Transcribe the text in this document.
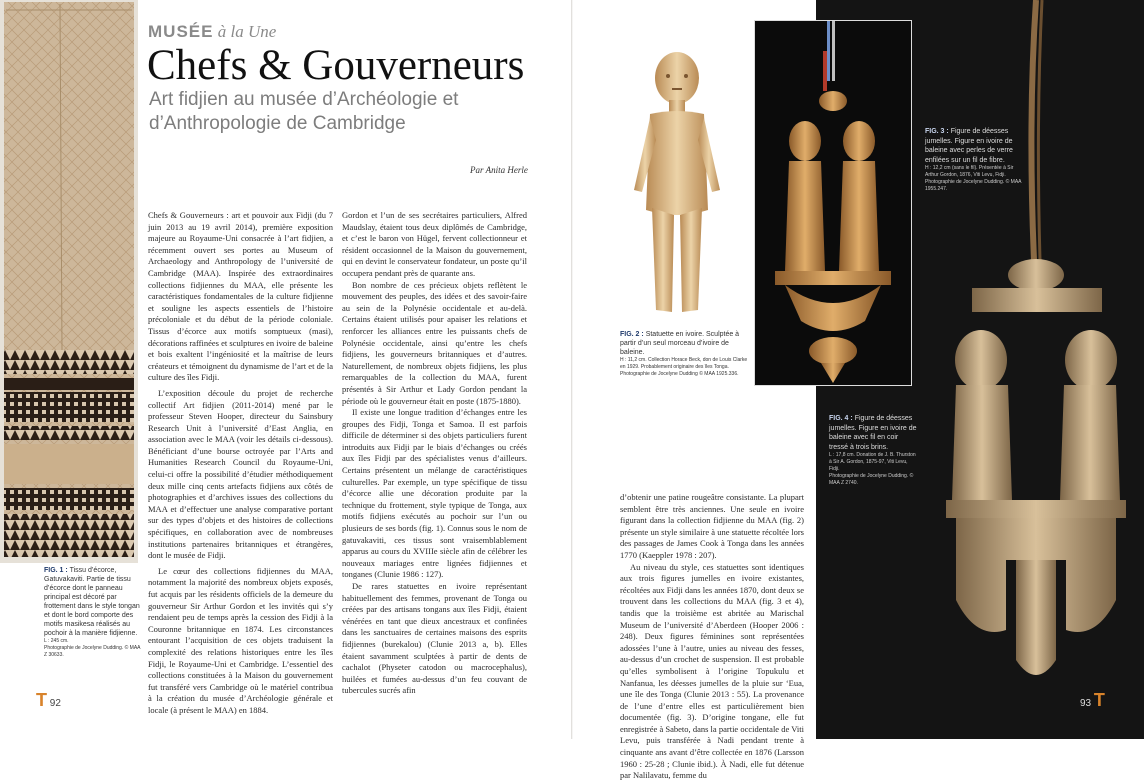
FIG. 1 : Tissu d’écorce, Gatuvakaviti. Partie de tissu d’écorce dont le panneau principal est décoré par frottement dans le style tongan et dont le bord comporte des motifs masikesa réalisés au pochoir à la manière fidjienne.
L : 245 cm.
Photographie de Jocelyne Dudding. © MAA Z 30633.
MUSÉE à la Une
Chefs & Gouverneurs
Art fidjien au musée d’Archéologie et d’Anthropologie de Cambridge
Par Anita Herle

Chefs & Gouverneurs : art et pouvoir aux Fidji (du 7 juin 2013 au 19 avril 2014), première exposition majeure au Royaume-Uni consacrée à l’art fidjien, a récemment ouvert ses portes au Museum of Archaeology and Anthropology de l’université de Cambridge (MAA). Inspirée des extraordinaires collections fidjiennes du MAA, elle présente les caractéristiques fondamentales de la culture fidjienne et souligne les aspects essentiels de l’histoire précoloniale et du début de la période coloniale. Tissus d’écorce aux motifs somptueux (masi), décorations raffinées et sculptures en ivoire de baleine et bois exaltent l’ingéniosité et la maîtrise de leurs créateurs et témoignent du dynamisme de l’art et de la culture des îles Fidji.

L’exposition découle du projet de recherche collectif Art fidjien (2011-2014) mené par le professeur Steven Hooper, directeur du Sainsbury Research Unit à l’université d’East Anglia, en association avec le MAA (voir les détails ci-dessous). Bénéficiant d’une bourse octroyée par l’Arts and Humanities Research Council du Royaume-Uni, celui-ci offre la possibilité d’étudier méthodiquement deux mille cinq cents artefacts fidjiens aux côtés de photographies et d’archives issues des collections du MAA et d’effectuer une analyse comparative portant sur des types d’objets et des histoires de collections spécifiques, en collaboration avec de nombreuses institutions partenaires britanniques et étrangères, dont le musée de Fidji.

Le cœur des collections fidjiennes du MAA, notamment la majorité des nombreux objets exposés, fut acquis par les résidents officiels de la demeure du gouverneur Sir Arthur Gordon et les invités qui s’y rendaient peu de temps après la cession des Fidji à la Couronne britannique en 1874. Les circonstances entourant l’acquisition de ces objets traduisent la complexité des relations historiques entre les îles Fidji, le Royaume-Uni et Cambridge. L’essentiel des collections constituées à la Maison du gouvernement fut transféré vers Cambridge où le matériel contribua à la création du musée d’Archéologie générale et locale (à présent le MAA) en 1884.

Gordon et l’un de ses secrétaires particuliers, Alfred Maudslay, étaient tous deux diplômés de Cambridge, et c’est le baron von Hügel, fervent collectionneur et résident occasionnel de la Maison du gouvernement, qui en devint le conservateur fondateur, un poste qu’il occupera pendant près de quarante ans.

Bon nombre de ces précieux objets reflètent le mouvement des peuples, des idées et des savoir-faire au sein de la Polynésie occidentale et au-delà. Certains étaient utilisés pour apaiser les relations et renforcer les alliances entre les puissants chefs de Polynésie occidentale, ainsi qu’entre les chefs fidjiens, les gouverneurs britanniques et d’autres. Naturellement, de nombreux objets fidjiens, les plus remarquables de la collection du MAA, furent présentés à Sir Arthur et Lady Gordon pendant la période où le gouverneur était en poste (1875-1880).

Il existe une longue tradition d’échanges entre les groupes des Fidji, Tonga et Samoa. Il est parfois difficile de déterminer si des objets particuliers furent introduits aux Fidji par le biais d’échanges ou créés aux îles Fidji par des spécialistes venus d’ailleurs. Certains présentent un mélange de caractéristiques culturelles. Par exemple, un type spécifique de tissu d’écorce allie une décoration produite par la technique du frottement, style typique de Tonga, aux motifs fidjiens exécutés au pochoir sur l’un ou plusieurs de ses bords (fig. 1). Connus sous le nom de gatuvakaviti, ces tissus sont vraisemblablement apparus au cours du XVIIIe siècle afin de célébrer les nouveaux mariages entre lignées fidjiennes et tonganes (Clunie 1986 : 127).

De rares statuettes en ivoire représentant habituellement des femmes, provenant de Tonga ou créées par des artisans tongans aux îles Fidji, étaient vénérées en tant que dieux ancestraux et confinées dans les sanctuaires de certaines maisons des esprits fidjiennes (burekalou) (Clunie 2013 a, b). Elles étaient savamment sculptées à partir de dents de cachalot (Physeter catodon ou macrocephalus), huilées et fumées au-dessus d’un feu couvant de tubercules sucrés afin

T 92
FIG. 2 : Statuette en ivoire. Sculptée à partir d’un seul morceau d’ivoire de baleine.
H : 11,2 cm. Collection Horace Beck, don de Louis Clarke en 1929. Probablement originaire des îles Tonga.
Photographie de Jocelyne Dudding © MAA 1925.336.
FIG. 3 : Figure de déesses jumelles. Figure en ivoire de baleine avec perles de verre enfilées sur un fil de fibre.
H : 12,2 cm (sans le fil). Présentée à Sir Arthur Gordon, 1876, Viti Levu, Fidji.
Photographie de Jocelyne Dudding. © MAA 1955.247.
FIG. 4 : Figure de déesses jumelles. Figure en ivoire de baleine avec fil en coir tressé à trois brins.
L : 17,8 cm. Donation de J. B. Thurston à Sir A. Gordon, 1875-97, Viti Levu, Fidji.
Photographie de Jocelyne Dudding. © MAA Z 2740.

d’obtenir une patine rougeâtre consistante. La plupart semblent être très anciennes. Une seule en ivoire figurant dans la collection fidjienne du MAA (fig. 2) présente un style similaire à une statuette récoltée lors des passages de James Cook à Tonga dans les années 1770 (Kaeppler 1978 : 207).

Au niveau du style, ces statuettes sont identiques aux trois figures jumelles en ivoire existantes, récoltées aux Fidji dans les années 1870, dont deux se trouvent dans les collections du MAA (fig. 3 et 4), tandis que la troisième est abritée au Marischal Museum de l’université d’Aberdeen (Hooper 2006 : 248). Deux figures féminines sont représentées adossées l’une à l’autre, unies au niveau des fesses, au-dessus d’un crochet de suspension. Il est probable qu’elles symbolisent à l’origine Topukulu et Nanfanua, les déesses jumelles de la pluie sur ‘Eua, une île des Tonga (Clunie 2013 : 55). La provenance de l’une d’entre elles est particulièrement bien documentée (fig. 3). D’origine tongane, elle fut enregistrée à Sabeto, dans la partie occidentale de Viti Levu, puis transférée à Nadi pendant trente à cinquante ans avant d’être collectée en 1876 (Larsson 1960 : 25-28 ; Clunie ibid.). À Nadi, elle fut détenue par Nalilavatu, femme du

93 T
